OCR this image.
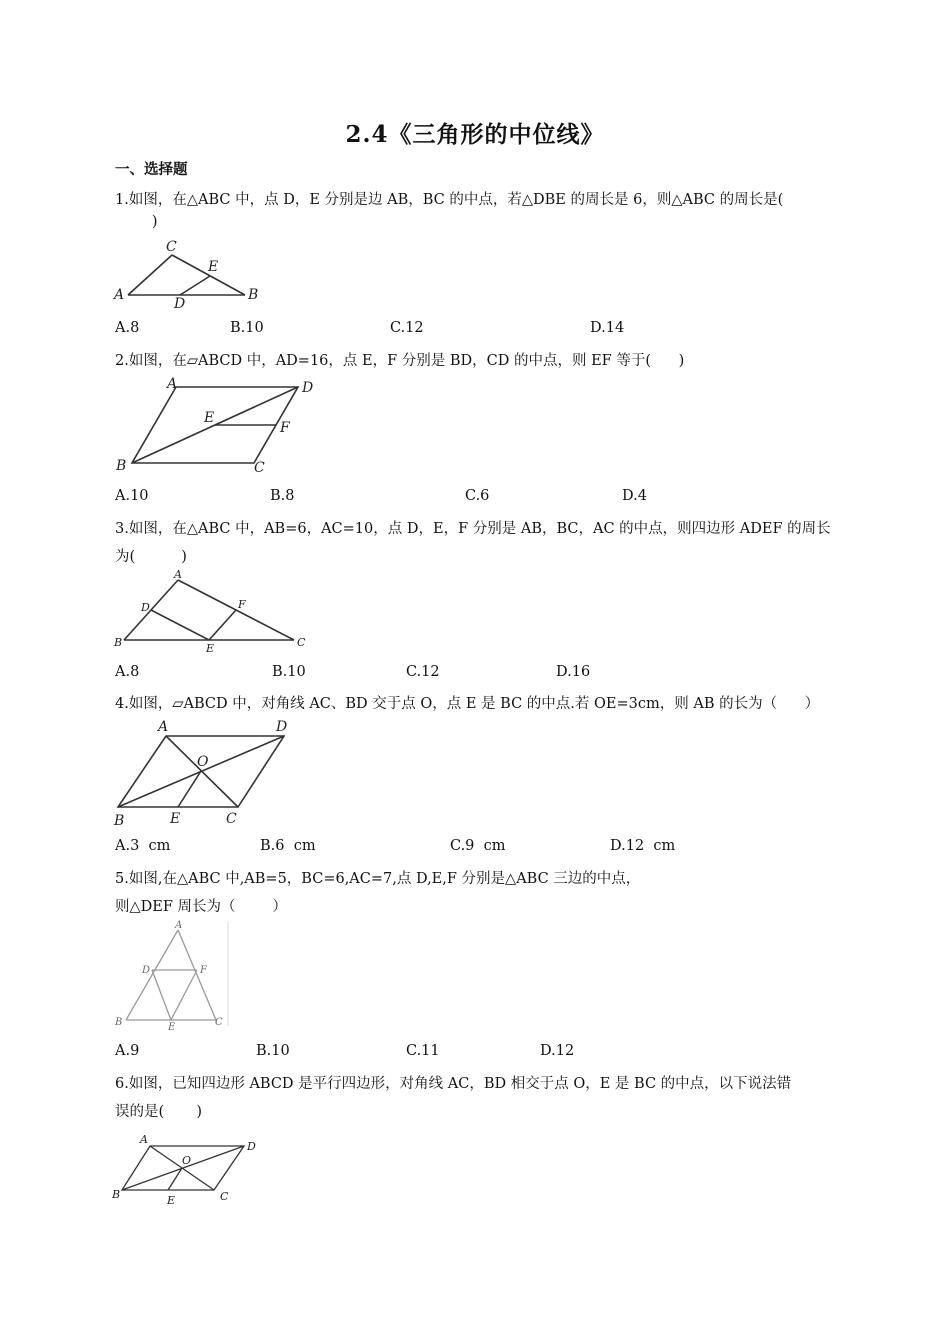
2.4《三角形的中位线》
一、选择题
1.如图，在△ABC 中，点 D，E 分别是边 AB，BC 的中点，若△DBE 的周长是 6，则△ABC 的周长是(
)
A	B
C
D
E
A.8	B.10	C.12	D.14
2.如图，在▱ABCD 中，AD=16，点 E，F 分别是 BD，CD 的中点，则 EF 等于(      )
A	D
B	C
E
F
A.10	B.8	C.6	D.4
3.如图，在△ABC 中，AB=6，AC=10，点 D，E，F 分别是 AB，BC，AC 的中点，则四边形 ADEF 的周长
为(          )
A
B	C
D
E
F
A.8	B.10	C.12	D.16
4.如图，▱ABCD 中，对角线 AC、BD 交于点 O，点 E 是 BC 的中点.若 OE=3cm，则 AB 的长为（      ）
A	D
B	C
E
O
A.3  cm	B.6  cm	C.9  cm	D.12  cm
5.如图,在△ABC 中,AB=5，BC=6,AC=7,点 D,E,F 分别是△ABC 三边的中点，
则△DEF 周长为（        ）
A
B	C
D
E
F
A.9	B.10	C.11	D.12
6.如图，已知四边形 ABCD 是平行四边形，对角线 AC，BD 相交于点 O，E 是 BC 的中点，以下说法错
误的是(       )
A
D
B	C
E
O
